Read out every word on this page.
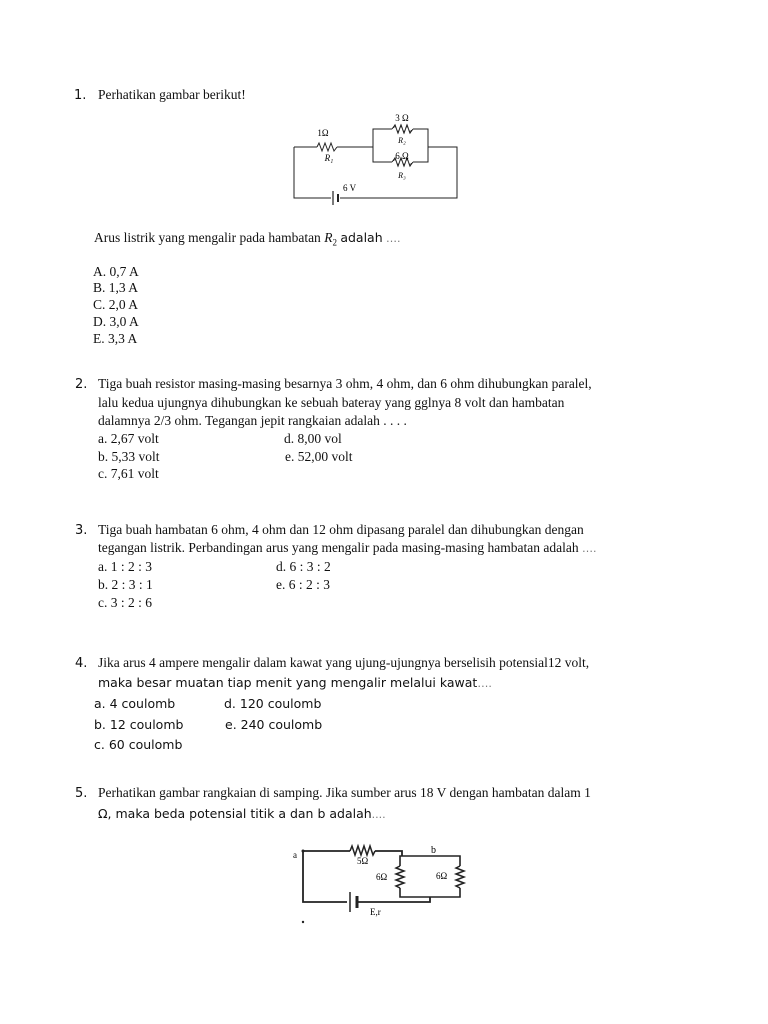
1. Perhatikan gambar berikut!
1Ω
R₁
3 Ω
R₂
6 Ω
R₃
6 V
Arus listrik yang mengalir pada hambatan $R_2$ adalah ….
A. 0,7 A
B. 1,3 A
C. 2,0 A
D. 3,0 A
E. 3,3 A
2. Tiga buah resistor masing-masing besarnya 3 ohm, 4 ohm, dan 6 ohm dihubungkan paralel,
lalu kedua ujungnya dihubungkan ke sebuah bateray yang gglnya 8 volt dan hambatan
dalamnya 2/3 ohm. Tegangan jepit rangkaian adalah . . . .
a. 2,67 volt	d. 8,00 vol
b. 5,33 volt	e. 52,00 volt
c. 7,61 volt
3. Tiga buah hambatan 6 ohm, 4 ohm dan 12 ohm dipasang paralel dan dihubungkan dengan
tegangan listrik. Perbandingan arus yang mengalir pada masing-masing hambatan adalah ….
a. 1 : 2 : 3	d. 6 : 3 : 2
b. 2 : 3 : 1	e. 6 : 2 : 3
c. 3 : 2 : 6
4. Jika arus 4 ampere mengalir dalam kawat yang ujung-ujungnya berselisih potensial12 volt,
maka besar muatan tiap menit yang mengalir melalui kawat….
a. 4 coulomb	d. 120 coulomb
b. 12 coulomb	e. 240 coulomb
c. 60 coulomb
5. Perhatikan gambar rangkaian di samping. Jika sumber arus 18 V dengan hambatan dalam 1
Ω, maka beda potensial titik a dan b adalah....
a	b
5Ω
6Ω	6Ω
E,r
